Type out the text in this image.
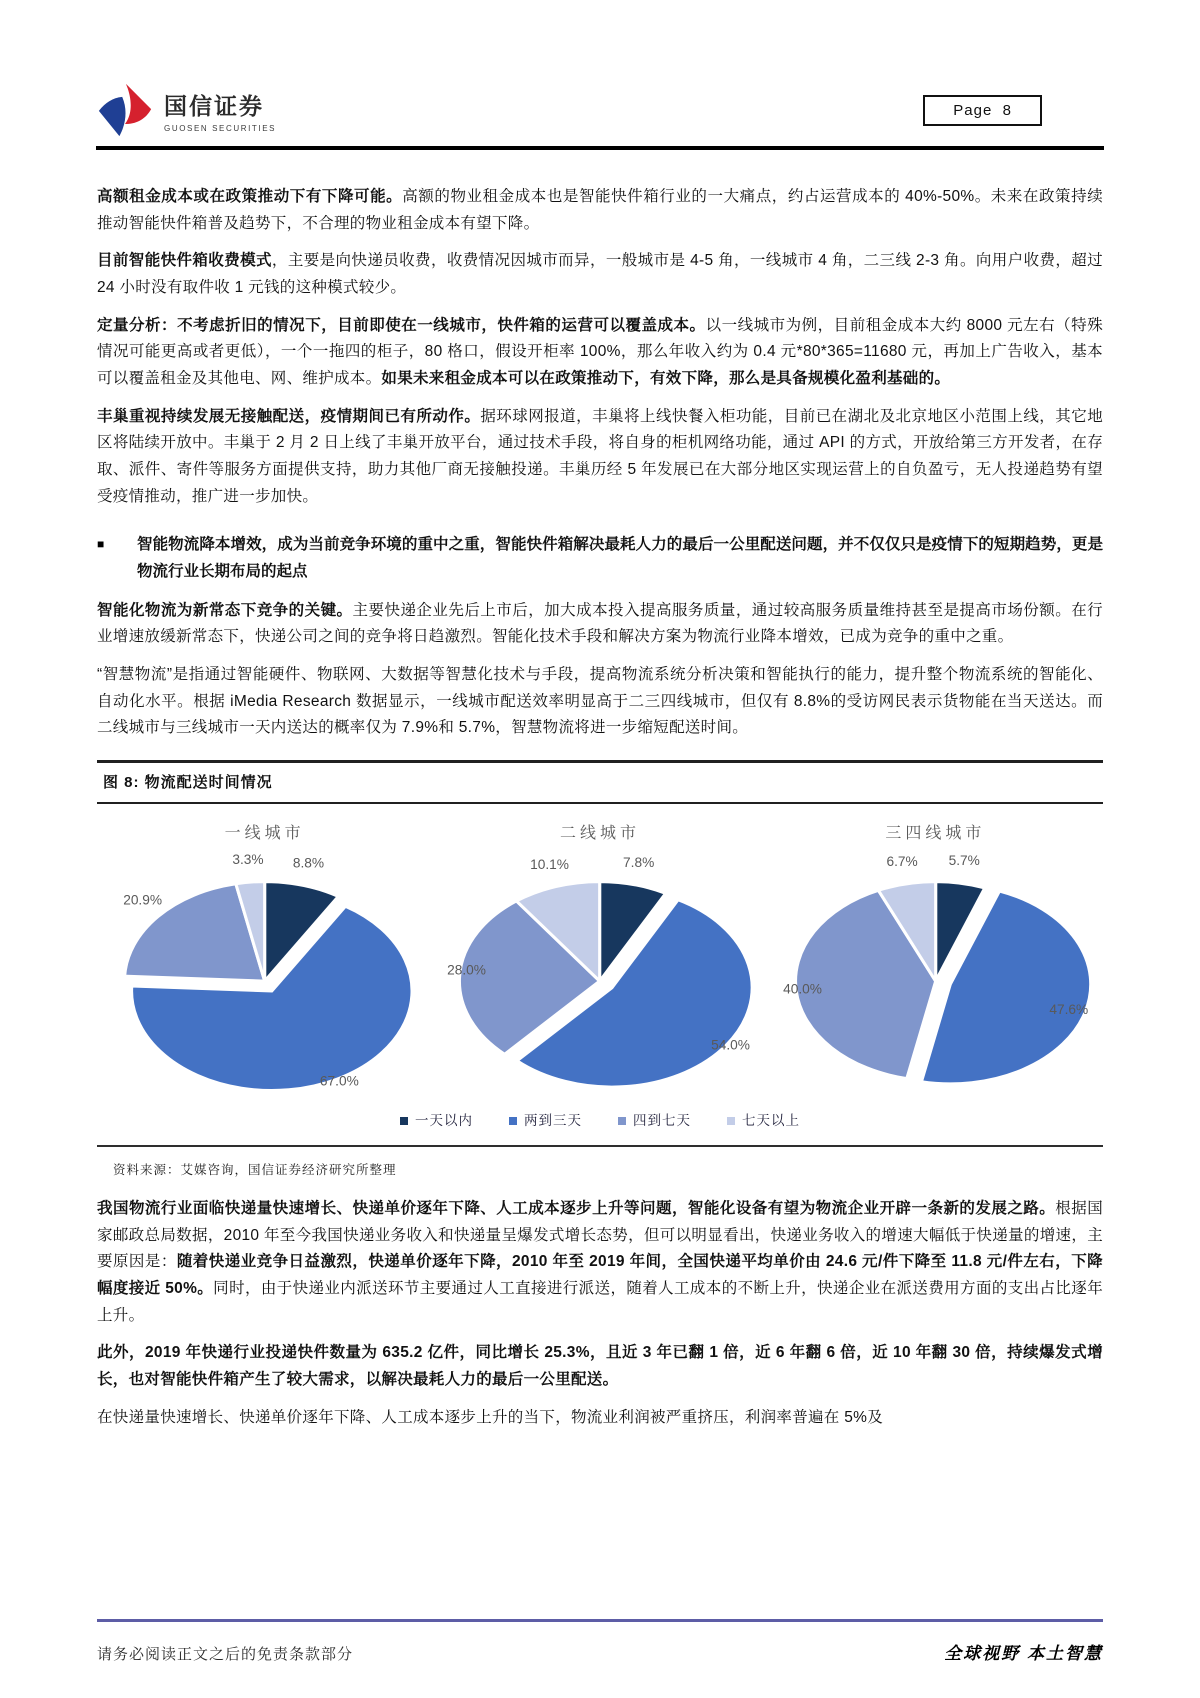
国信证券
GUOSEN SECURITIES
Page 8
高额租金成本或在政策推动下有下降可能。高额的物业租金成本也是智能快件箱行业的一大痛点，约占运营成本的 40%-50%。未来在政策持续推动智能快件箱普及趋势下，不合理的物业租金成本有望下降。
目前智能快件箱收费模式，主要是向快递员收费，收费情况因城市而异，一般城市是 4-5 角，一线城市 4 角，二三线 2-3 角。向用户收费，超过 24 小时没有取件收 1 元钱的这种模式较少。
定量分析：不考虑折旧的情况下，目前即使在一线城市，快件箱的运营可以覆盖成本。以一线城市为例，目前租金成本大约 8000 元左右（特殊情况可能更高或者更低），一个一拖四的柜子，80 格口，假设开柜率 100%，那么年收入约为 0.4 元*80*365=11680 元，再加上广告收入，基本可以覆盖租金及其他电、网、维护成本。如果未来租金成本可以在政策推动下，有效下降，那么是具备规模化盈利基础的。
丰巢重视持续发展无接触配送，疫情期间已有所动作。据环球网报道，丰巢将上线快餐入柜功能，目前已在湖北及北京地区小范围上线，其它地区将陆续开放中。丰巢于 2 月 2 日上线了丰巢开放平台，通过技术手段，将自身的柜机网络功能，通过 API 的方式，开放给第三方开发者，在存取、派件、寄件等服务方面提供支持，助力其他厂商无接触投递。丰巢历经 5 年发展已在大部分地区实现运营上的自负盈亏，无人投递趋势有望受疫情推动，推广进一步加快。
■	智能物流降本增效，成为当前竞争环境的重中之重，智能快件箱解决最耗人力的最后一公里配送问题，并不仅仅只是疫情下的短期趋势，更是物流行业长期布局的起点
智能化物流为新常态下竞争的关键。主要快递企业先后上市后，加大成本投入提高服务质量，通过较高服务质量维持甚至是提高市场份额。在行业增速放缓新常态下，快递公司之间的竞争将日趋激烈。智能化技术手段和解决方案为物流行业降本增效，已成为竞争的重中之重。
“智慧物流”是指通过智能硬件、物联网、大数据等智慧化技术与手段，提高物流系统分析决策和智能执行的能力，提升整个物流系统的智能化、自动化水平。根据 iMedia Research 数据显示，一线城市配送效率明显高于二三四线城市，但仅有 8.8%的受访网民表示货物能在当天送达。而二线城市与三线城市一天内送达的概率仅为 7.9%和 5.7%，智慧物流将进一步缩短配送时间。
图 8: 物流配送时间情况
一线城市
8.8%
67.0%
20.9%
3.3%
二线城市
7.8%
54.0%
28.0%
10.1%
三四线城市
5.7%
47.6%
40.0%
6.7%
一天以内	两到三天	四到七天	七天以上
资料来源：艾媒咨询，国信证券经济研究所整理
我国物流行业面临快递量快速增长、快递单价逐年下降、人工成本逐步上升等问题，智能化设备有望为物流企业开辟一条新的发展之路。根据国家邮政总局数据，2010 年至今我国快递业务收入和快递量呈爆发式增长态势，但可以明显看出，快递业务收入的增速大幅低于快递量的增速，主要原因是：随着快递业竞争日益激烈，快递单价逐年下降，2010 年至 2019 年间，全国快递平均单价由 24.6 元/件下降至 11.8 元/件左右，下降幅度接近 50%。同时，由于快递业内派送环节主要通过人工直接进行派送，随着人工成本的不断上升，快递企业在派送费用方面的支出占比逐年上升。
此外，2019 年快递行业投递快件数量为 635.2 亿件，同比增长 25.3%，且近 3 年已翻 1 倍，近 6 年翻 6 倍，近 10 年翻 30 倍，持续爆发式增长，也对智能快件箱产生了较大需求，以解决最耗人力的最后一公里配送。
在快递量快速增长、快递单价逐年下降、人工成本逐步上升的当下，物流业利润被严重挤压，利润率普遍在 5%及
请务必阅读正文之后的免责条款部分	全球视野 本土智慧
